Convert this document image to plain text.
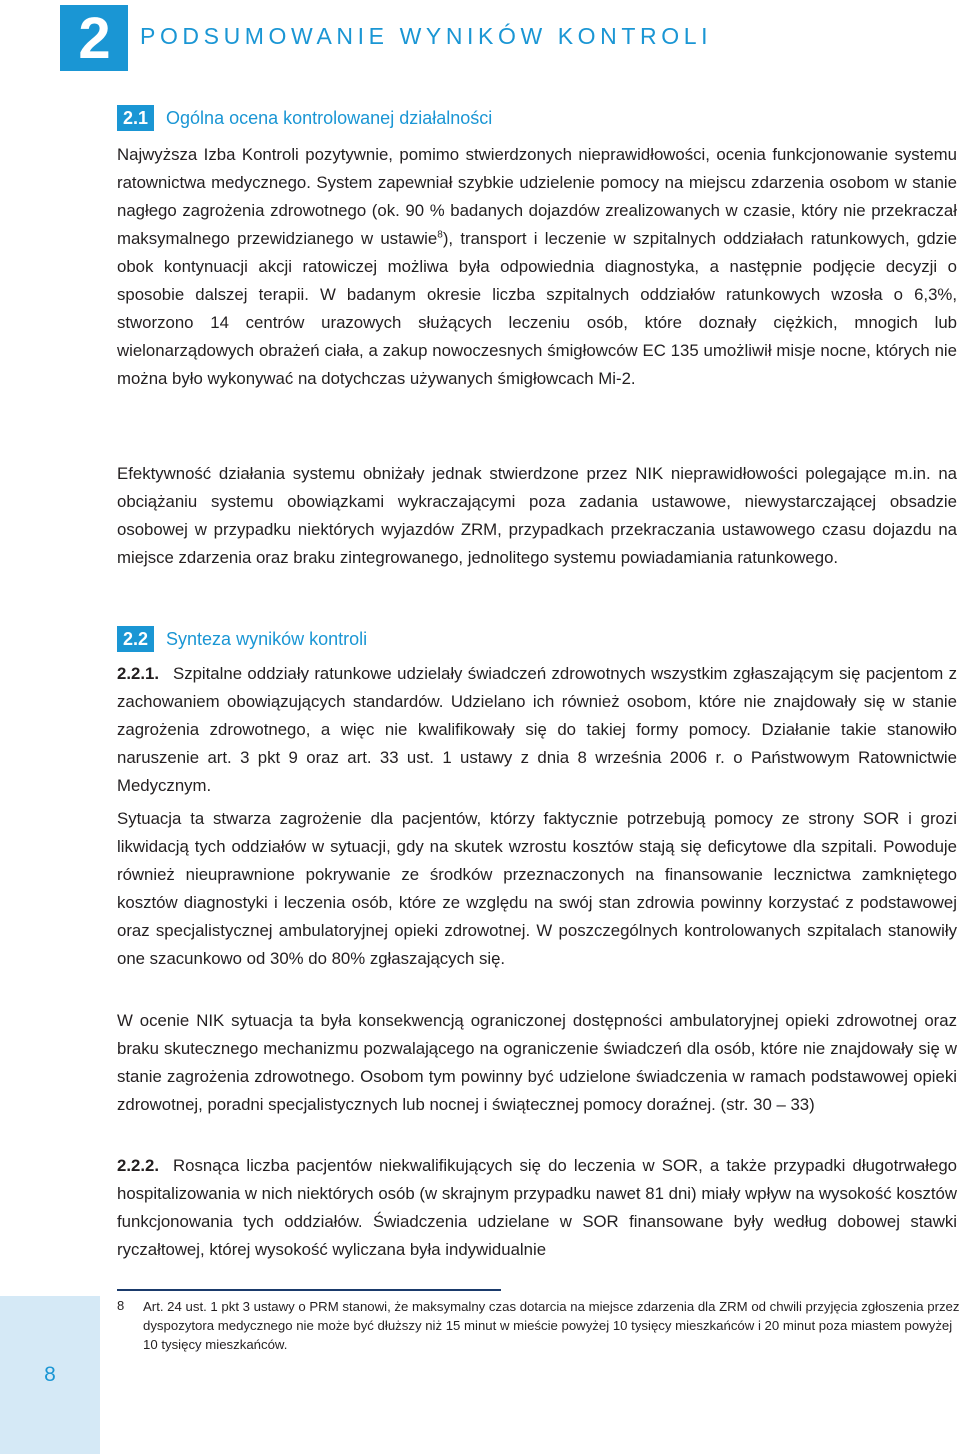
2 PODSUMOWANIE WYNIKÓW KONTROLI
2.1	Ogólna ocena kontrolowanej działalności

Najwyższa Izba Kontroli pozytywnie, pomimo stwierdzonych nieprawidłowości, ocenia funkcjonowanie systemu ratownictwa medycznego. System zapewniał szybkie udzielenie pomocy na miejscu zdarzenia osobom w stanie nagłego zagrożenia zdrowotnego (ok. 90 % badanych dojazdów zrealizowanych w czasie, który nie przekraczał maksymalnego przewidzianego w ustawie$^8$), transport i leczenie w szpitalnych oddziałach ratunkowych, gdzie obok kontynuacji akcji ratowiczej możliwa była odpowiednia diagnostyka, a następnie podjęcie decyzji o sposobie dalszej terapii. W badanym okresie liczba szpitalnych oddziałów ratunkowych wzosła o 6,3%, stworzono 14 centrów urazowych służących leczeniu osób, które doznały ciężkich, mnogich lub wielonarządowych obrażeń ciała, a zakup nowoczesnych śmigłowców EC 135 umożliwił misje nocne, których nie można było wykonywać na dotychczas używanych śmigłowcach Mi-2.

Efektywność działania systemu obniżały jednak stwierdzone przez NIK nieprawidłowości polegające m.in. na obciążaniu systemu obowiązkami wykraczającymi poza zadania ustawowe, niewystarczającej obsadzie osobowej w przypadku niektórych wyjazdów ZRM, przypadkach przekraczania ustawowego czasu dojazdu na miejsce zdarzenia oraz braku zintegrowanego, jednolitego systemu powiadamiania ratunkowego.

2.2	Synteza wyników kontroli

2.2.1. Szpitalne oddziały ratunkowe udzielały świadczeń zdrowotnych wszystkim zgłaszającym się pacjentom z zachowaniem obowiązujących standardów. Udzielano ich również osobom, które nie znajdowały się w stanie zagrożenia zdrowotnego, a więc nie kwalifikowały się do takiej formy pomocy. Działanie takie stanowiło naruszenie art. 3 pkt 9 oraz art. 33 ust. 1 ustawy z dnia 8 września 2006 r. o Państwowym Ratownictwie Medycznym.

Sytuacja ta stwarza zagrożenie dla pacjentów, którzy faktycznie potrzebują pomocy ze strony SOR i grozi likwidacją tych oddziałów w sytuacji, gdy na skutek wzrostu kosztów stają się deficytowe dla szpitali. Powoduje również nieuprawnione pokrywanie ze środków przeznaczonych na finansowanie lecznictwa zamkniętego kosztów diagnostyki i leczenia osób, które ze względu na swój stan zdrowia powinny korzystać z podstawowej oraz specjalistycznej ambulatoryjnej opieki zdrowotnej. W poszczególnych kontrolowanych szpitalach stanowiły one szacunkowo od 30% do 80% zgłaszających się.

W ocenie NIK sytuacja ta była konsekwencją ograniczonej dostępności ambulatoryjnej opieki zdrowotnej oraz braku skutecznego mechanizmu pozwalającego na ograniczenie świadczeń dla osób, które nie znajdowały się w stanie zagrożenia zdrowotnego. Osobom tym powinny być udzielone świadczenia w ramach podstawowej opieki zdrowotnej, poradni specjalistycznych lub nocnej i świątecznej pomocy doraźnej. (str. 30 – 33)

2.2.2. Rosnąca liczba pacjentów niekwalifikujących się do leczenia w SOR, a także przypadki długotrwałego hospitalizowania w nich niektórych osób (w skrajnym przypadku nawet 81 dni) miały wpływ na wysokość kosztów funkcjonowania tych oddziałów. Świadczenia udzielane w SOR finansowane były według dobowej stawki ryczałtowej, której wysokość wyliczana była indywidualnie

8 Art. 24 ust. 1 pkt 3 ustawy o PRM stanowi, że maksymalny czas dotarcia na miejsce zdarzenia dla ZRM od chwili przyjęcia zgłoszenia przez dyspozytora medycznego nie może być dłuższy niż 15 minut w mieście powyżej 10 tysięcy mieszkańców i 20 minut poza miastem powyżej 10 tysięcy mieszkańców.

8
